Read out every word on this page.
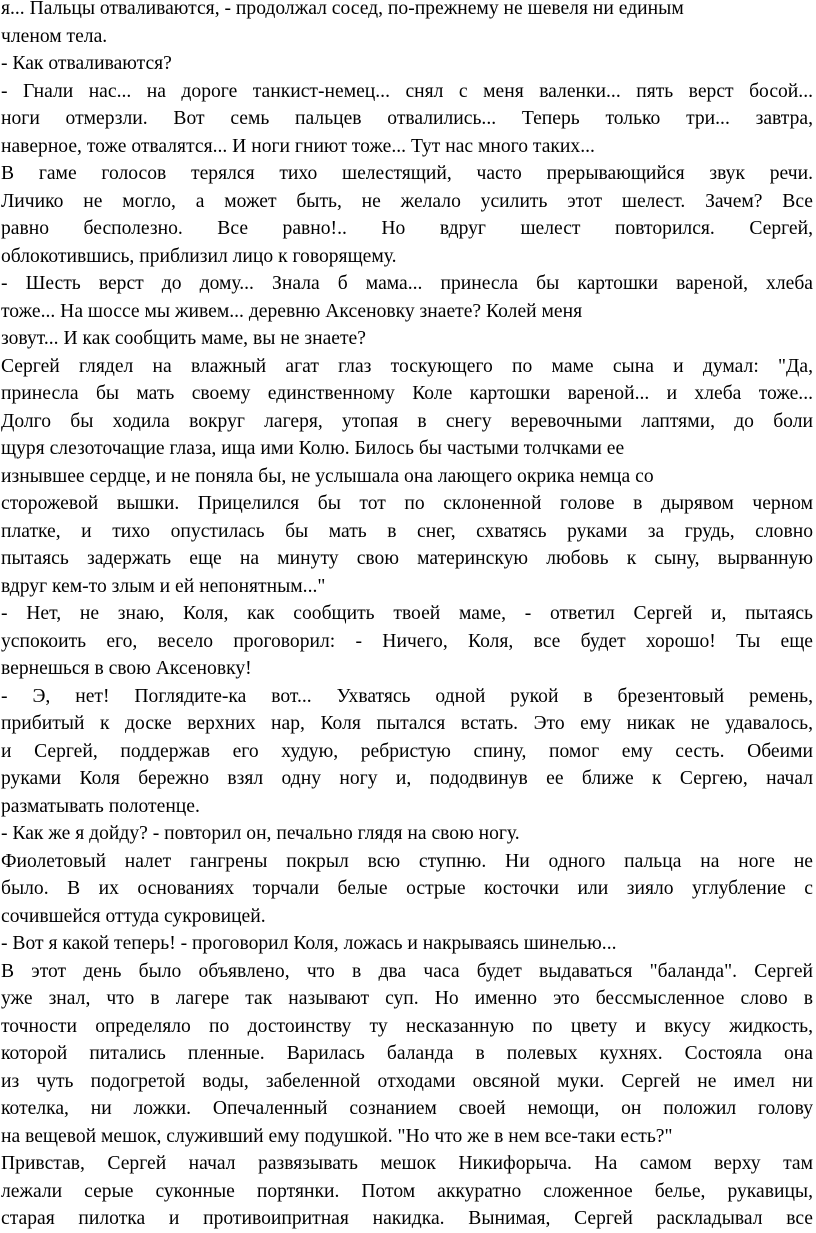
я... Пальцы отваливаются, - продолжал сосед, по-прежнему не шевеля ни единым
членом тела.
- Как отваливаются?
- Гнали нас... на дороге танкист-немец... снял с меня валенки... пять верст босой...
ноги отмерзли. Вот семь пальцев отвалились... Теперь только три... завтра,
наверное, тоже отвалятся... И ноги гниют тоже... Тут нас много таких...
В гаме голосов терялся тихо шелестящий, часто прерывающийся звук речи.
Личико не могло, а может быть, не желало усилить этот шелест. Зачем? Все
равно бесполезно. Все равно!.. Но вдруг шелест повторился. Сергей,
облокотившись, приблизил лицо к говорящему.
- Шесть верст до дому... Знала б мама... принесла бы картошки вареной, хлеба
тоже... На шоссе мы живем... деревню Аксеновку знаете? Колей меня
зовут... И как сообщить маме, вы не знаете?
Сергей глядел на влажный агат глаз тоскующего по маме сына и думал: "Да,
принесла бы мать своему единственному Коле картошки вареной... и хлеба тоже...
Долго бы ходила вокруг лагеря, утопая в снегу веревочными лаптями, до боли
щуря слезоточащие глаза, ища ими Колю. Билось бы частыми толчками ее
изнывшее сердце, и не поняла бы, не услышала она лающего окрика немца со
сторожевой вышки. Прицелился бы тот по склоненной голове в дырявом черном
платке, и тихо опустилась бы мать в снег, схватясь руками за грудь, словно
пытаясь задержать еще на минуту свою материнскую любовь к сыну, вырванную
вдруг кем-то злым и ей непонятным..."
- Нет, не знаю, Коля, как сообщить твоей маме, - ответил Сергей и, пытаясь
успокоить его, весело проговорил: - Ничего, Коля, все будет хорошо! Ты еще
вернешься в свою Аксеновку!
- Э, нет! Поглядите-ка вот... Ухватясь одной рукой в брезентовый ремень,
прибитый к доске верхних нар, Коля пытался встать. Это ему никак не удавалось,
и Сергей, поддержав его худую, ребристую спину, помог ему сесть. Обеими
руками Коля бережно взял одну ногу и, пододвинув ее ближе к Сергею, начал
разматывать полотенце.
- Как же я дойду? - повторил он, печально глядя на свою ногу.
Фиолетовый налет гангрены покрыл всю ступню. Ни одного пальца на ноге не
было. В их основаниях торчали белые острые косточки или зияло углубление с
сочившейся оттуда сукровицей.
- Вот я какой теперь! - проговорил Коля, ложась и накрываясь шинелью...
В этот день было объявлено, что в два часа будет выдаваться "баланда". Сергей
уже знал, что в лагере так называют суп. Но именно это бессмысленное слово в
точности определяло по достоинству ту несказанную по цвету и вкусу жидкость,
которой питались пленные. Варилась баланда в полевых кухнях. Состояла она
из чуть подогретой воды, забеленной отходами овсяной муки. Сергей не имел ни
котелка, ни ложки. Опечаленный сознанием своей немощи, он положил голову
на вещевой мешок, служивший ему подушкой. "Но что же в нем все-таки есть?"
Привстав, Сергей начал развязывать мешок Никифорыча. На самом верху там
лежали серые суконные портянки. Потом аккуратно сложенное белье, рукавицы,
старая пилотка и противоипритная накидка. Вынимая, Сергей раскладывал все
